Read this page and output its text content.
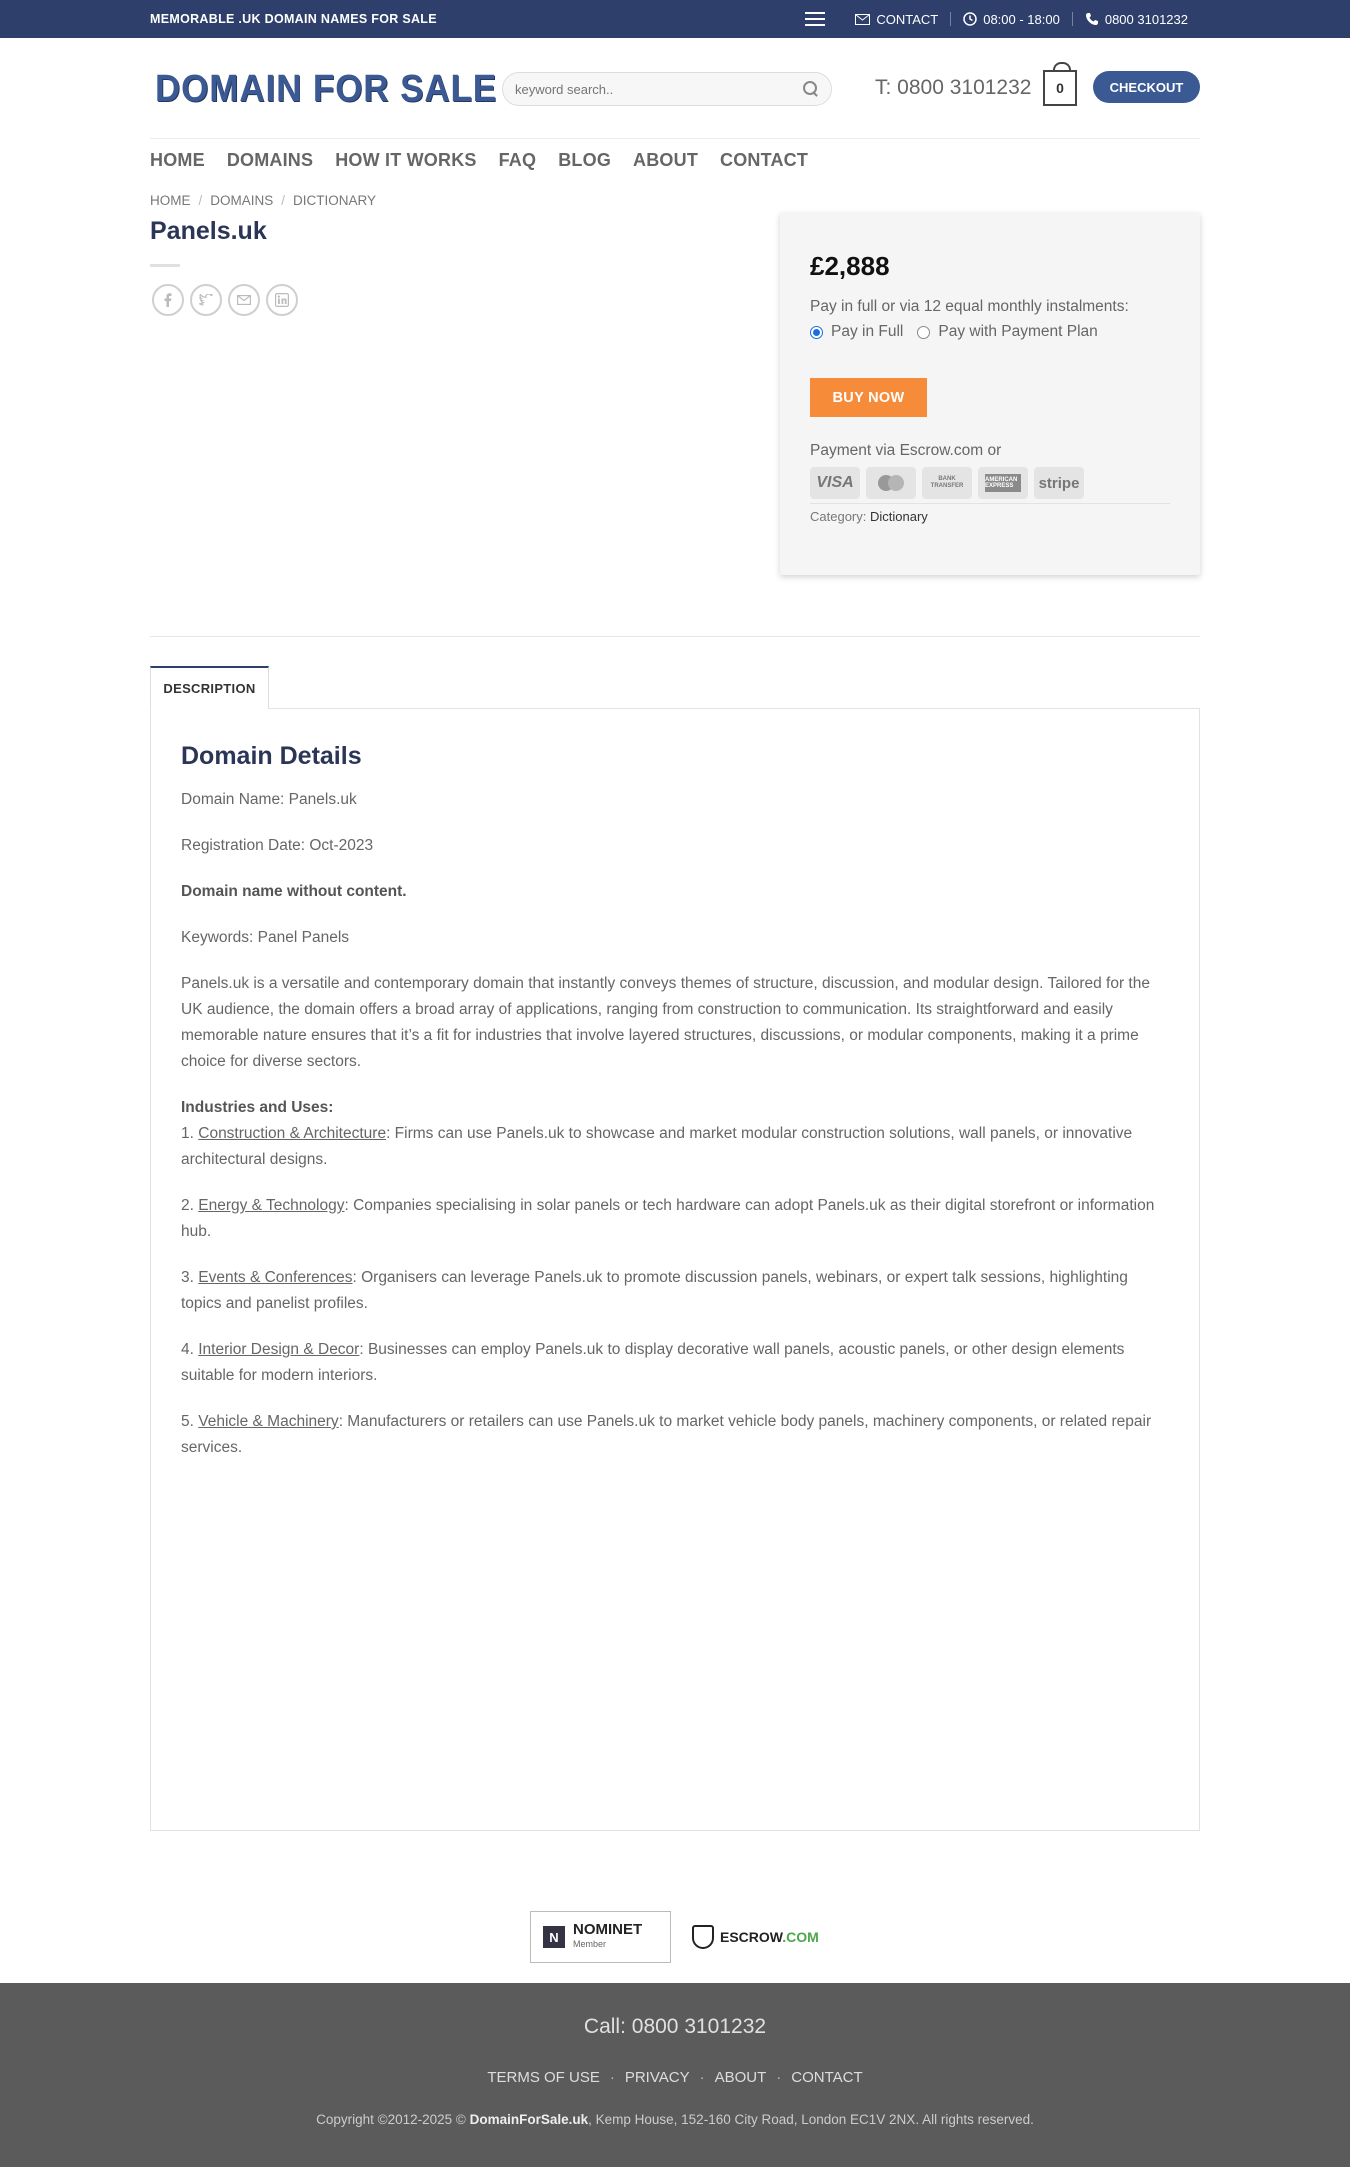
MEMORABLE .UK DOMAIN NAMES FOR SALE	CONTACT	08:00 - 18:00	0800 3101232
DOMAIN FOR SALE
keyword search..	T: 0800 3101232	0	CHECKOUT
HOME DOMAINS HOW IT WORKS FAQ BLOG ABOUT CONTACT
HOME / DOMAINS / DICTIONARY
Panels.uk
£2,888
Pay in full or via 12 equal monthly instalments:
Pay in Full Pay with Payment Plan
BUY NOW
Payment via Escrow.com or
VISA	BANK TRANSFER
AMERICAN EXPRESS	stripe
Category: Dictionary
DESCRIPTION
Domain Details

Domain Name: Panels.uk

Registration Date: Oct-2023

Domain name without content.

Keywords: Panel Panels

Panels.uk is a versatile and contemporary domain that instantly conveys themes of structure, discussion, and modular design. Tailored for the UK audience, the domain offers a broad array of applications, ranging from construction to communication. Its straightforward and easily memorable nature ensures that it’s a fit for industries that involve layered structures, discussions, or modular components, making it a prime choice for diverse sectors.

Industries and Uses:
1. Construction & Architecture: Firms can use Panels.uk to showcase and market modular construction solutions, wall panels, or innovative architectural designs.

2. Energy & Technology: Companies specialising in solar panels or tech hardware can adopt Panels.uk as their digital storefront or information hub.

3. Events & Conferences: Organisers can leverage Panels.uk to promote discussion panels, webinars, or expert talk sessions, highlighting topics and panelist profiles.

4. Interior Design & Decor: Businesses can employ Panels.uk to display decorative wall panels, acoustic panels, or other design elements suitable for modern interiors.

5. Vehicle & Machinery: Manufacturers or retailers can use Panels.uk to market vehicle body panels, machinery components, or related repair services.

N NOMINET
Member	ESCROW.COM
Call: 0800 3101232
TERMS OF USE · PRIVACY · ABOUT · CONTACT
Copyright ©2012-2025 © DomainForSale.uk, Kemp House, 152-160 City Road, London EC1V 2NX. All rights reserved.
